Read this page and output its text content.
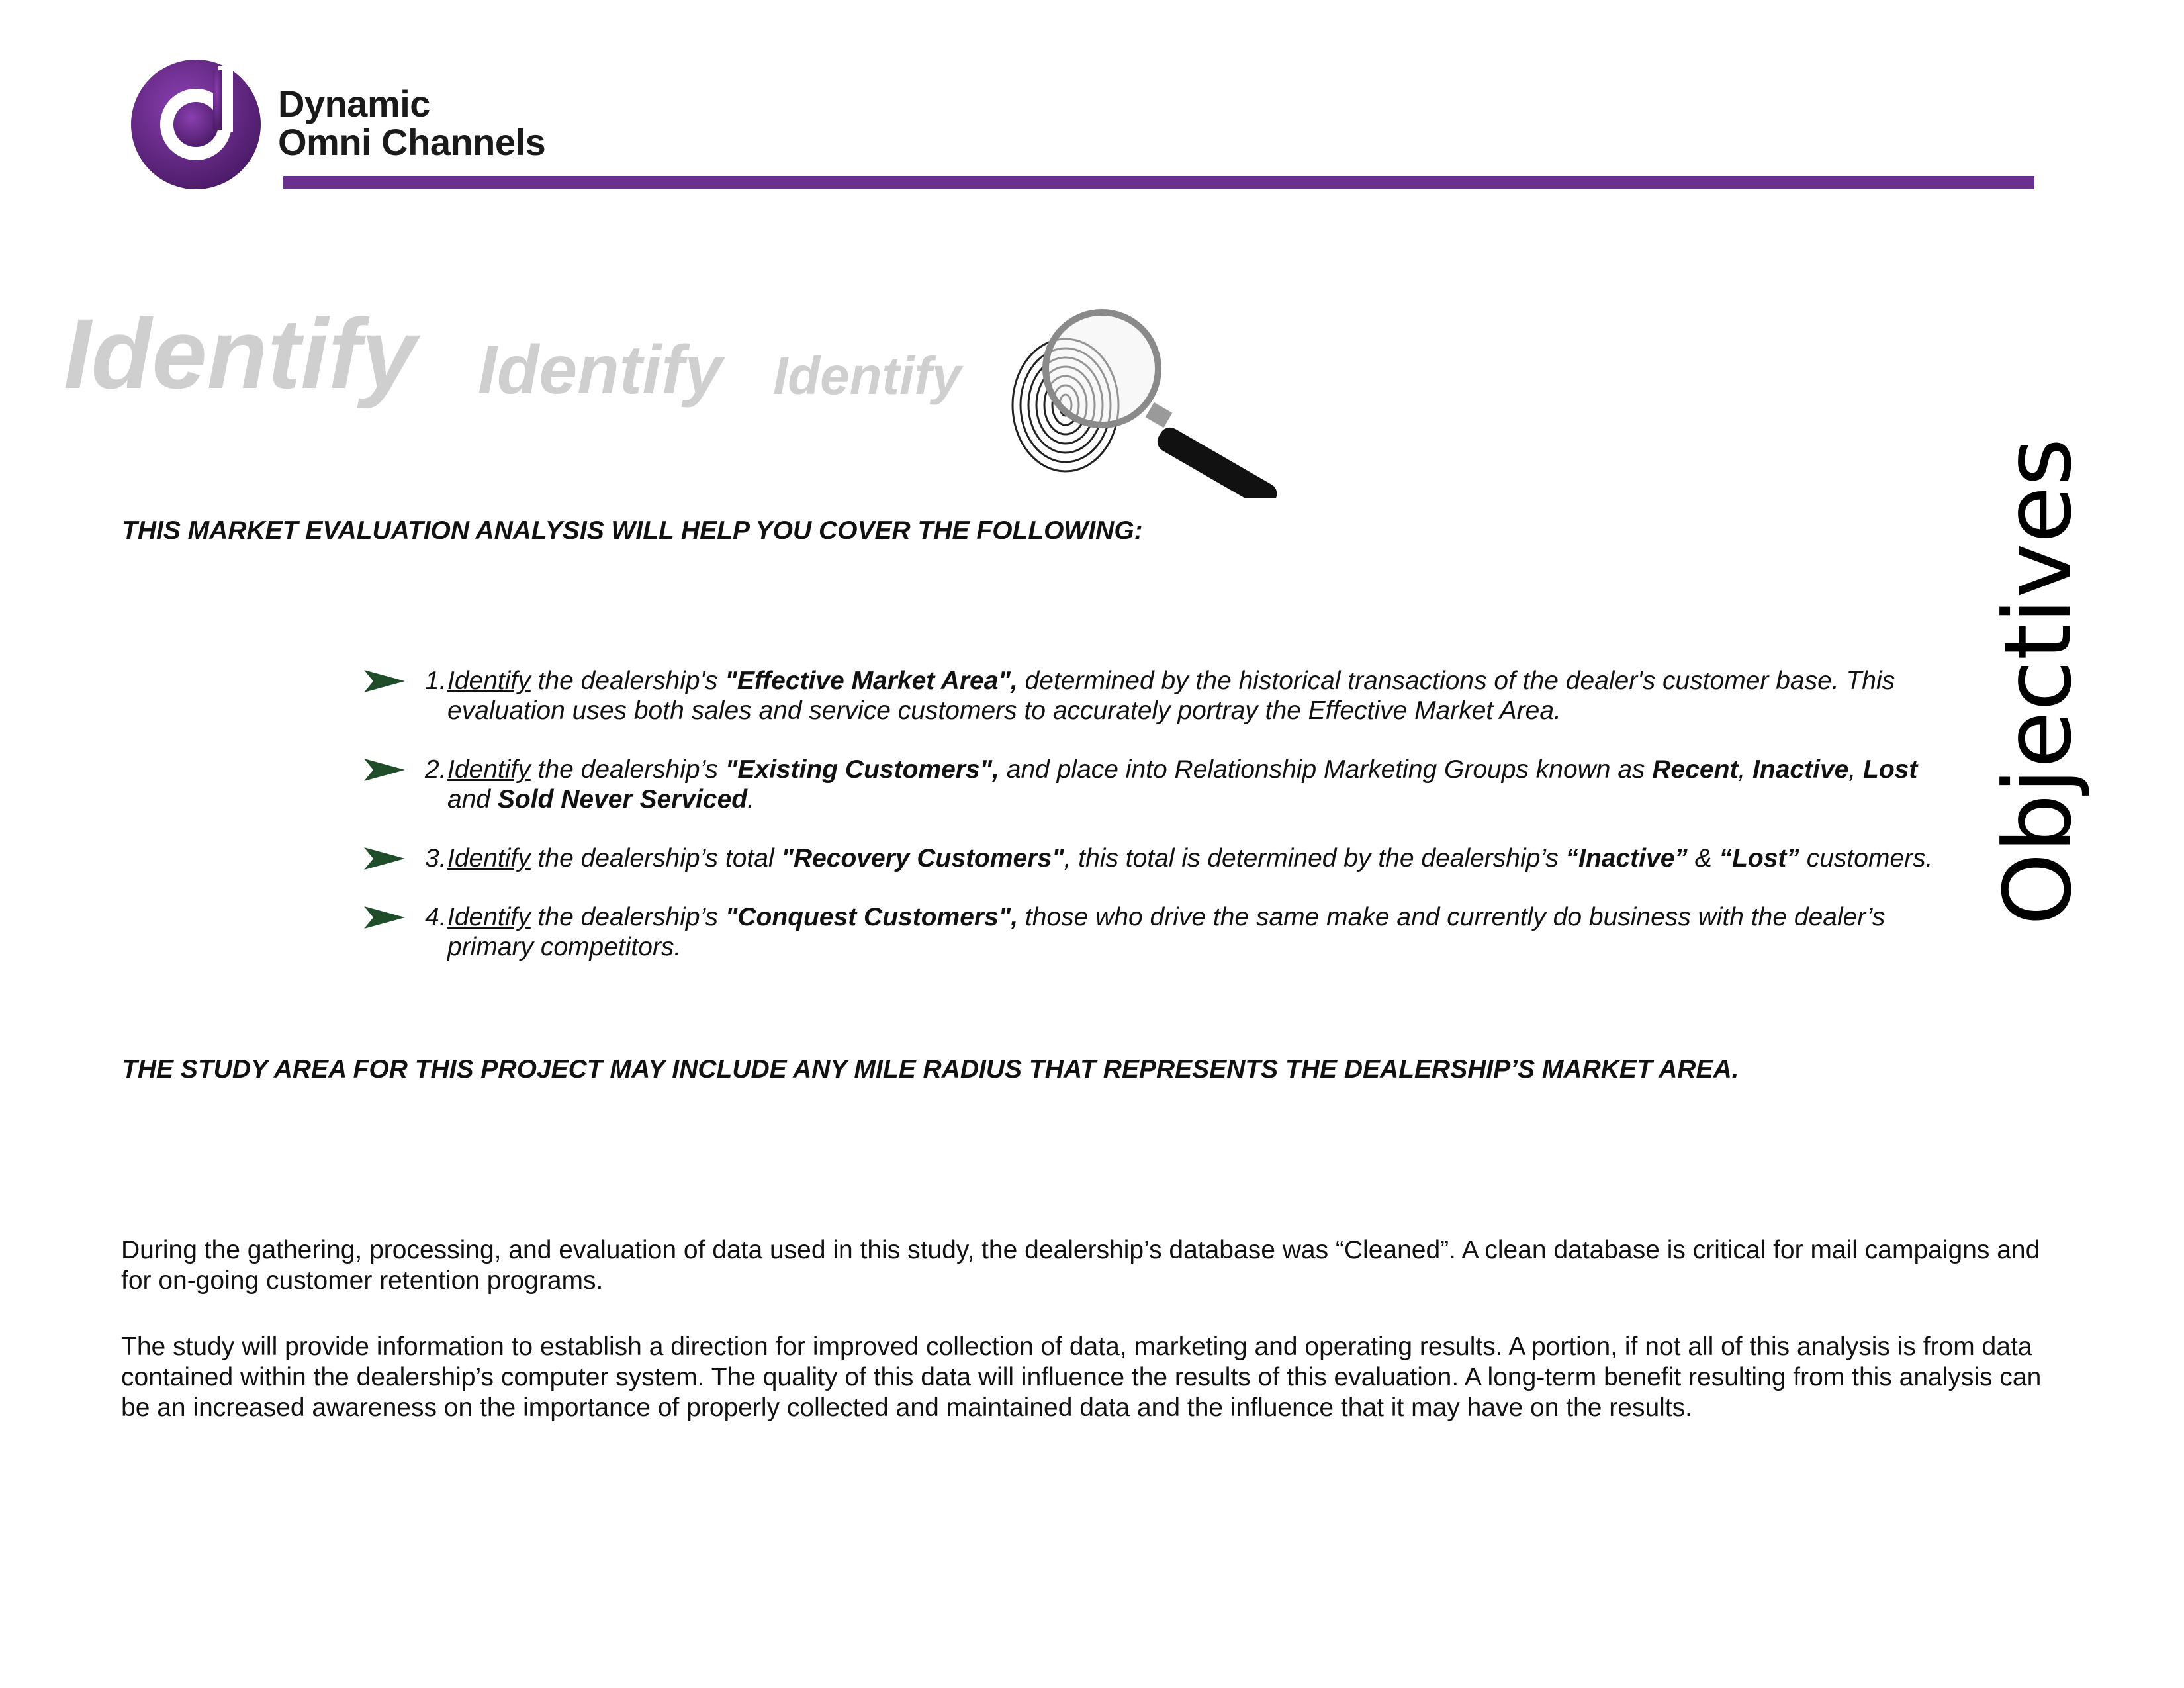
Dynamic
Omni Channels
Identify Identify Identify
Objectives
THIS MARKET EVALUATION ANALYSIS WILL HELP YOU COVER THE FOLLOWING:
1. Identify the dealership's "Effective Market Area", determined by the historical transactions of the dealer's customer base. This evaluation uses both sales and service customers to accurately portray the Effective Market Area.
2. Identify the dealership’s "Existing Customers", and place into Relationship Marketing Groups known as Recent, Inactive, Lost and Sold Never Serviced.
3. Identify the dealership’s total "Recovery Customers", this total is determined by the dealership’s “Inactive” & “Lost” customers.
4. Identify the dealership’s "Conquest Customers", those who drive the same make and currently do business with the dealer’s primary competitors.
THE STUDY AREA FOR THIS PROJECT MAY INCLUDE ANY MILE RADIUS THAT REPRESENTS THE DEALERSHIP’S MARKET AREA.
During the gathering, processing, and evaluation of data used in this study, the dealership’s database was “Cleaned”. A clean database is critical for mail campaigns and for on-going customer retention programs.
The study will provide information to establish a direction for improved collection of data, marketing and operating results. A portion, if not all of this analysis is from data contained within the dealership’s computer system. The quality of this data will influence the results of this evaluation. A long-term benefit resulting from this analysis can be an increased awareness on the importance of properly collected and maintained data and the influence that it may have on the results.
